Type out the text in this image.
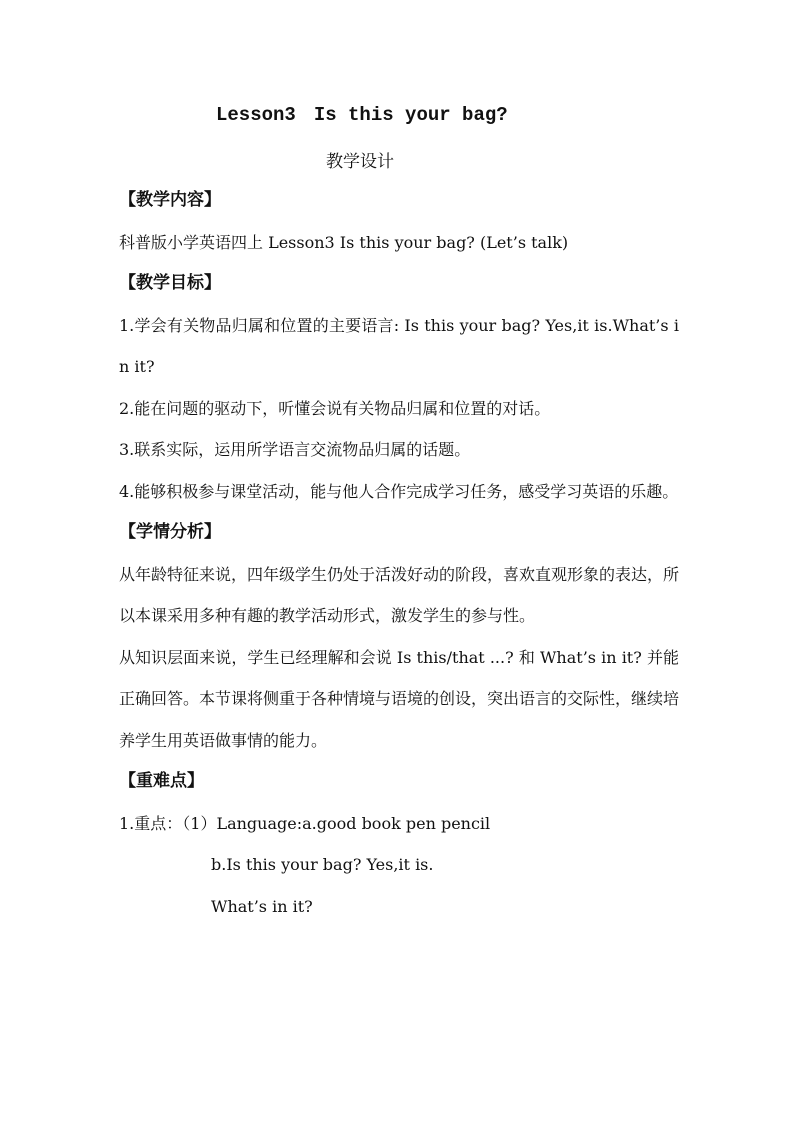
Lesson3 Is this your bag?
教学设计
【教学内容】
科普版小学英语四上 Lesson3 Is this your bag? (Let’s talk)
【教学目标】
1.学会有关物品归属和位置的主要语言: Is this your bag? Yes,it is.What’s in it?
2.能在问题的驱动下，听懂会说有关物品归属和位置的对话。
3.联系实际，运用所学语言交流物品归属的话题。
4.能够积极参与课堂活动，能与他人合作完成学习任务，感受学习英语的乐趣。
【学情分析】
从年龄特征来说，四年级学生仍处于活泼好动的阶段，喜欢直观形象的表达，所以本课采用多种有趣的教学活动形式，激发学生的参与性。
从知识层面来说，学生已经理解和会说 Is this/that ...? 和 What’s in it? 并能正确回答。本节课将侧重于各种情境与语境的创设，突出语言的交际性，继续培养学生用英语做事情的能力。
【重难点】
1.重点：（1）Language:a.good book pen pencil
b.Is this your bag? Yes,it is.
What’s in it?
